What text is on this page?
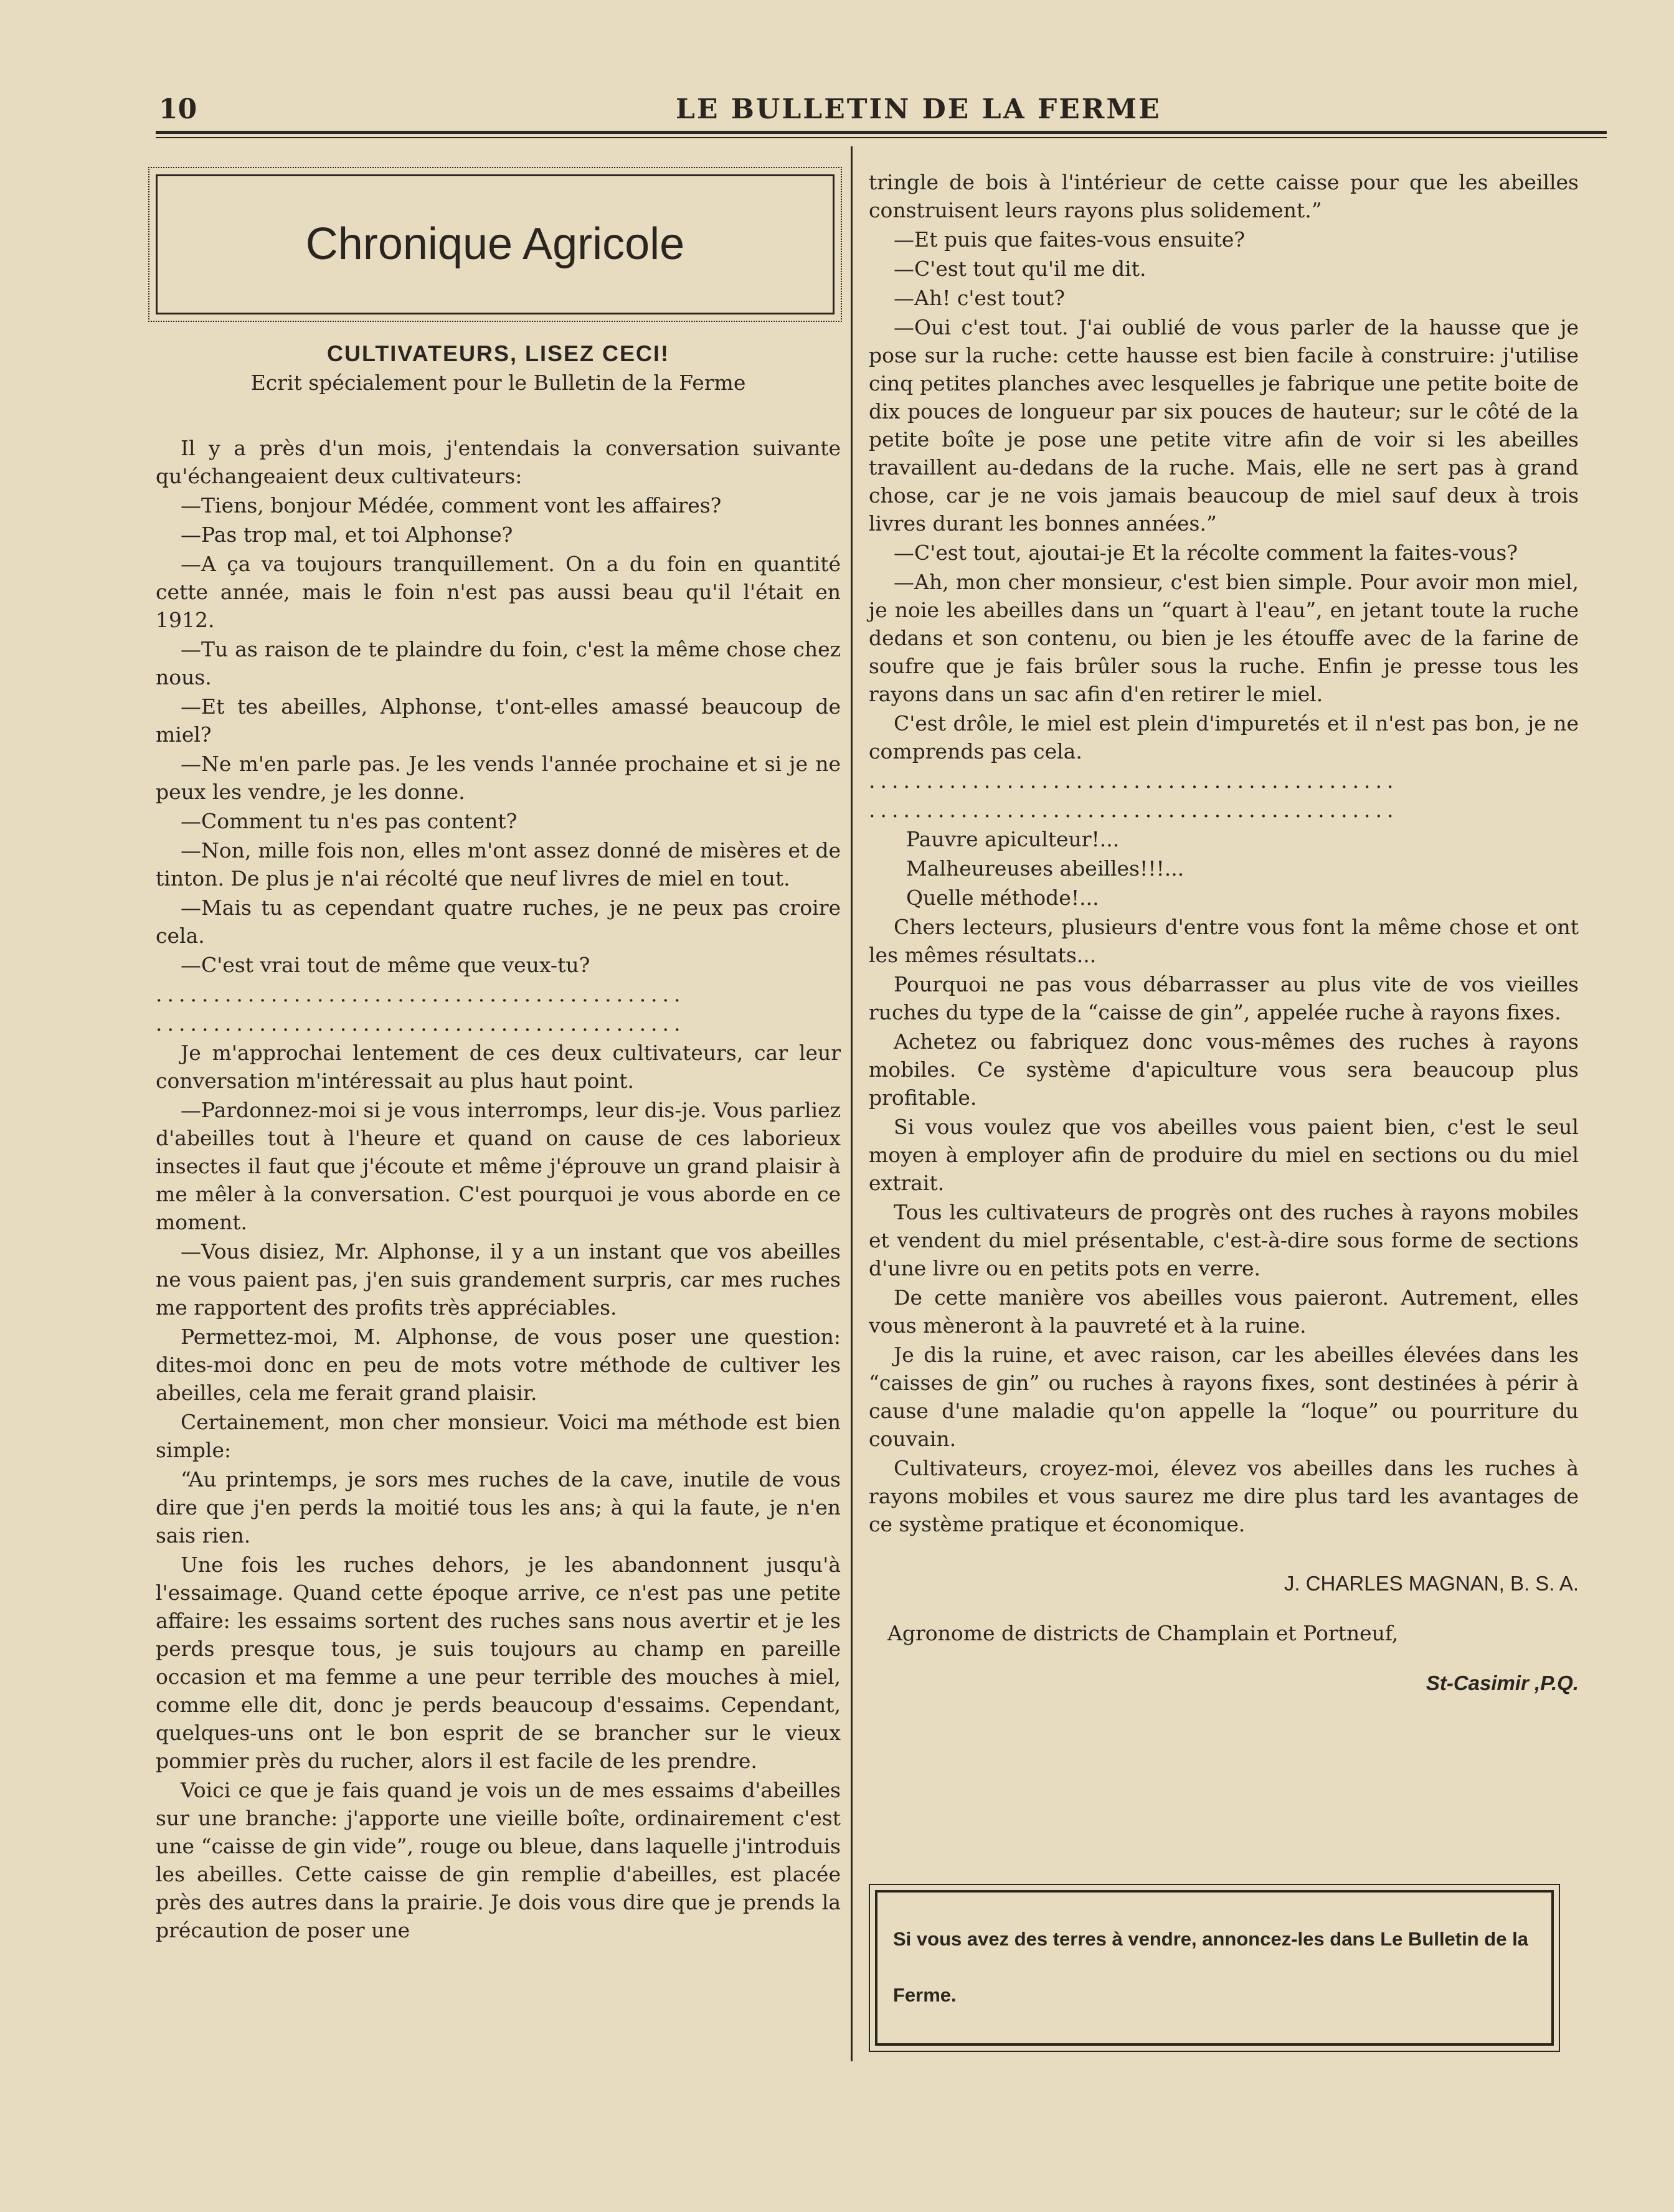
10	LE BULLETIN DE LA FERME
Chronique Agricole

CULTIVATEURS, LISEZ CECI!

Ecrit spécialement pour le Bulletin de la Ferme

Il y a près d'un mois, j'entendais la conversation suivante qu'échangeaient deux cultivateurs:

—Tiens, bonjour Médée, comment vont les affaires?

—Pas trop mal, et toi Alphonse?

—A ça va toujours tranquillement. On a du foin en quantité cette année, mais le foin n'est pas aussi beau qu'il l'était en 1912.

—Tu as raison de te plaindre du foin, c'est la même chose chez nous.

—Et tes abeilles, Alphonse, t'ont-elles amassé beaucoup de miel?

—Ne m'en parle pas. Je les vends l'année prochaine et si je ne peux les vendre, je les donne.

—Comment tu n'es pas content?

—Non, mille fois non, elles m'ont assez donné de misères et de tinton. De plus je n'ai récolté que neuf livres de miel en tout.

—Mais tu as cependant quatre ruches, je ne peux pas croire cela.

—C'est vrai tout de même que veux-tu?

..............................................

..............................................

Je m'approchai lentement de ces deux cultivateurs, car leur conversation m'intéressait au plus haut point.

—Pardonnez-moi si je vous interromps, leur dis-je. Vous parliez d'abeilles tout à l'heure et quand on cause de ces laborieux insectes il faut que j'écoute et même j'éprouve un grand plaisir à me mêler à la conversation. C'est pourquoi je vous aborde en ce moment.

—Vous disiez, Mr. Alphonse, il y a un instant que vos abeilles ne vous paient pas, j'en suis grandement surpris, car mes ruches me rapportent des profits très appréciables.

Permettez-moi, M. Alphonse, de vous poser une question: dites-moi donc en peu de mots votre méthode de cultiver les abeilles, cela me ferait grand plaisir.

Certainement, mon cher monsieur. Voici ma méthode est bien simple:

“Au printemps, je sors mes ruches de la cave, inutile de vous dire que j'en perds la moitié tous les ans; à qui la faute, je n'en sais rien.

Une fois les ruches dehors, je les abandonnent jusqu'à l'essaimage. Quand cette époque arrive, ce n'est pas une petite affaire: les essaims sortent des ruches sans nous avertir et je les perds presque tous, je suis toujours au champ en pareille occasion et ma femme a une peur terrible des mouches à miel, comme elle dit, donc je perds beaucoup d'essaims. Cependant, quelques-uns ont le bon esprit de se brancher sur le vieux pommier près du rucher, alors il est facile de les prendre.

Voici ce que je fais quand je vois un de mes essaims d'abeilles sur une branche: j'apporte une vieille boîte, ordinairement c'est une “caisse de gin vide”, rouge ou bleue, dans laquelle j'introduis les abeilles. Cette caisse de gin remplie d'abeilles, est placée près des autres dans la prairie. Je dois vous dire que je prends la précaution de poser une

tringle de bois à l'intérieur de cette caisse pour que les abeilles construisent leurs rayons plus solidement.”

—Et puis que faites-vous ensuite?

—C'est tout qu'il me dit.

—Ah! c'est tout?

—Oui c'est tout. J'ai oublié de vous parler de la hausse que je pose sur la ruche: cette hausse est bien facile à construire: j'utilise cinq petites planches avec lesquelles je fabrique une petite boite de dix pouces de longueur par six pouces de hauteur; sur le côté de la petite boîte je pose une petite vitre afin de voir si les abeilles travaillent au-dedans de la ruche. Mais, elle ne sert pas à grand chose, car je ne vois jamais beaucoup de miel sauf deux à trois livres durant les bonnes années.”

—C'est tout, ajoutai-je Et la récolte comment la faites-vous?

—Ah, mon cher monsieur, c'est bien simple. Pour avoir mon miel, je noie les abeilles dans un “quart à l'eau”, en jetant toute la ruche dedans et son contenu, ou bien je les étouffe avec de la farine de soufre que je fais brûler sous la ruche. Enfin je presse tous les rayons dans un sac afin d'en retirer le miel.

C'est drôle, le miel est plein d'impuretés et il n'est pas bon, je ne comprends pas cela.

..............................................

..............................................

Pauvre apiculteur!...

Malheureuses abeilles!!!...

Quelle méthode!...

Chers lecteurs, plusieurs d'entre vous font la même chose et ont les mêmes résultats...

Pourquoi ne pas vous débarrasser au plus vite de vos vieilles ruches du type de la “caisse de gin”, appelée ruche à rayons fixes.

Achetez ou fabriquez donc vous-mêmes des ruches à rayons mobiles. Ce système d'apiculture vous sera beaucoup plus profitable.

Si vous voulez que vos abeilles vous paient bien, c'est le seul moyen à employer afin de produire du miel en sections ou du miel extrait.

Tous les cultivateurs de progrès ont des ruches à rayons mobiles et vendent du miel présentable, c'est-à-dire sous forme de sections d'une livre ou en petits pots en verre.

De cette manière vos abeilles vous paieront. Autrement, elles vous mèneront à la pauvreté et à la ruine.

Je dis la ruine, et avec raison, car les abeilles élevées dans les “caisses de gin” ou ruches à rayons fixes, sont destinées à périr à cause d'une maladie qu'on appelle la “loque” ou pourriture du couvain.

Cultivateurs, croyez-moi, élevez vos abeilles dans les ruches à rayons mobiles et vous saurez me dire plus tard les avantages de ce système pratique et économique.

J. CHARLES MAGNAN, B. S. A.

Agronome de districts de Champlain et Portneuf,

St-Casimir ,P.Q.

Si vous avez des terres à vendre, annoncez-les dans Le Bulletin de la Ferme.
